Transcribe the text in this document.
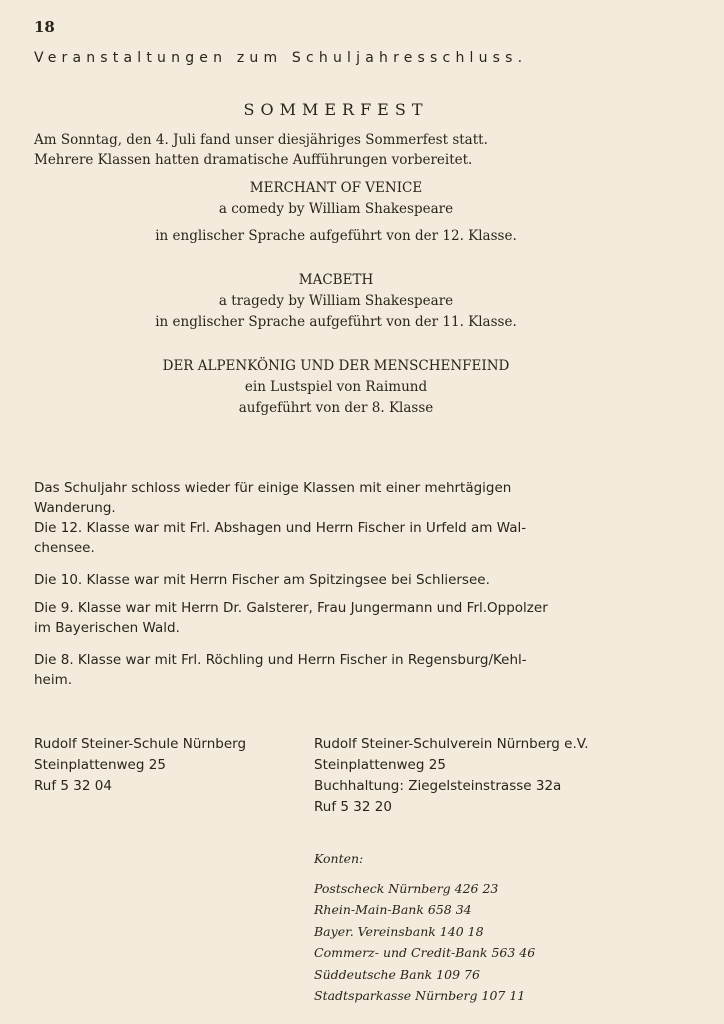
18
Veranstaltungen zum Schuljahresschluss.
SOMMERFEST
Am Sonntag, den 4. Juli fand unser diesjähriges Sommerfest statt.
Mehrere Klassen hatten dramatische Aufführungen vorbereitet.
MERCHANT OF VENICE
a comedy by William Shakespeare
in englischer Sprache aufgeführt von der 12. Klasse.
MACBETH
a tragedy by William Shakespeare
in englischer Sprache aufgeführt von der 11. Klasse.
DER ALPENKÖNIG UND DER MENSCHENFEIND
ein Lustspiel von Raimund
aufgeführt von der 8. Klasse
Das Schuljahr schloss wieder für einige Klassen mit einer mehrtägigen
Wanderung.
Die 12. Klasse war mit Frl. Abshagen und Herrn Fischer in Urfeld am Wal-
chensee.
Die 10. Klasse war mit Herrn Fischer am Spitzingsee bei Schliersee.
Die 9. Klasse war mit Herrn Dr. Galsterer, Frau Jungermann und Frl.Oppolzer
im Bayerischen Wald.
Die 8. Klasse war mit Frl. Röchling und Herrn Fischer in Regensburg/Kehl-
heim.
Rudolf Steiner-Schule Nürnberg
Steinplattenweg 25
Ruf 5 32 04
Rudolf Steiner-Schulverein Nürnberg e.V.
Steinplattenweg 25
Buchhaltung: Ziegelsteinstrasse 32a
Ruf 5 32 20
Konten:
Postscheck Nürnberg 426 23
Rhein-Main-Bank 658 34
Bayer. Vereinsbank 140 18
Commerz- und Credit-Bank 563 46
Süddeutsche Bank 109 76
Stadtsparkasse Nürnberg 107 11
